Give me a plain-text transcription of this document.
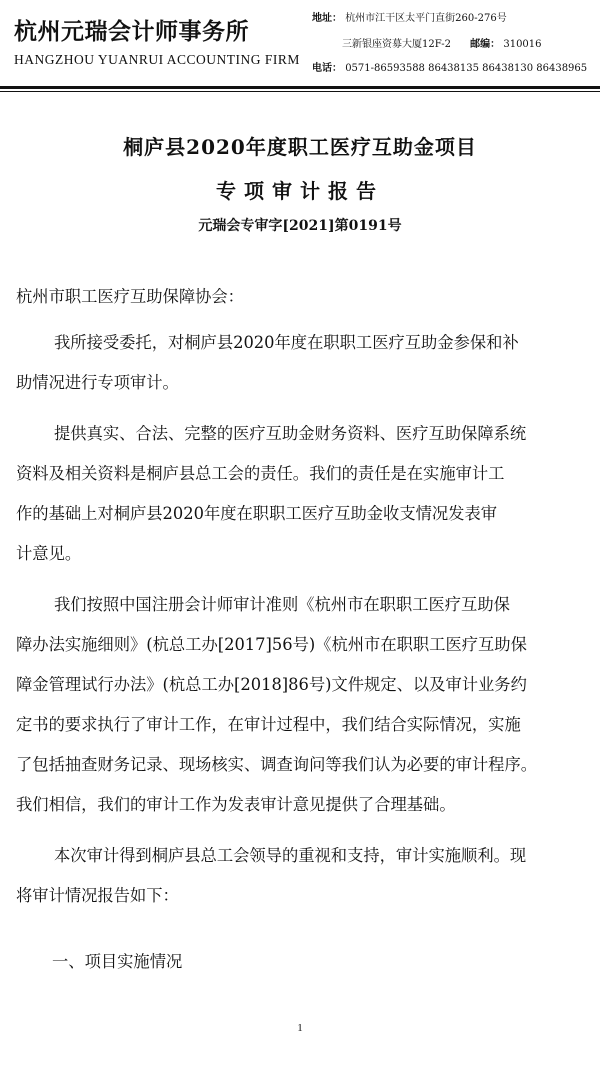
杭州元瑞会计师事务所
HANGZHOU YUANRUI ACCOUNTING FIRM
地址： 杭州市江干区太平门直街260-276号
三新银座资募大厦12F-2 邮编： 310016
电话： 0571-86593588 86438135 86438130 86438965
桐庐县2020年度职工医疗互助金项目
专项审计报告
元瑞会专审字[2021]第0191号
杭州市职工医疗互助保障协会：
我所接受委托，对桐庐县2020年度在职职工医疗互助金参保和补
助情况进行专项审计。
提供真实、合法、完整的医疗互助金财务资料、医疗互助保障系统
资料及相关资料是桐庐县总工会的责任。我们的责任是在实施审计工
作的基础上对桐庐县2020年度在职职工医疗互助金收支情况发表审
计意见。
我们按照中国注册会计师审计准则《杭州市在职职工医疗互助保
障办法实施细则》(杭总工办[2017]56号)《杭州市在职职工医疗互助保
障金管理试行办法》(杭总工办[2018]86号)文件规定、以及审计业务约
定书的要求执行了审计工作，在审计过程中，我们结合实际情况，实施
了包括抽查财务记录、现场核实、调查询问等我们认为必要的审计程序。
我们相信，我们的审计工作为发表审计意见提供了合理基础。
本次审计得到桐庐县总工会领导的重视和支持，审计实施顺利。现
将审计情况报告如下：
一、项目实施情况
1
